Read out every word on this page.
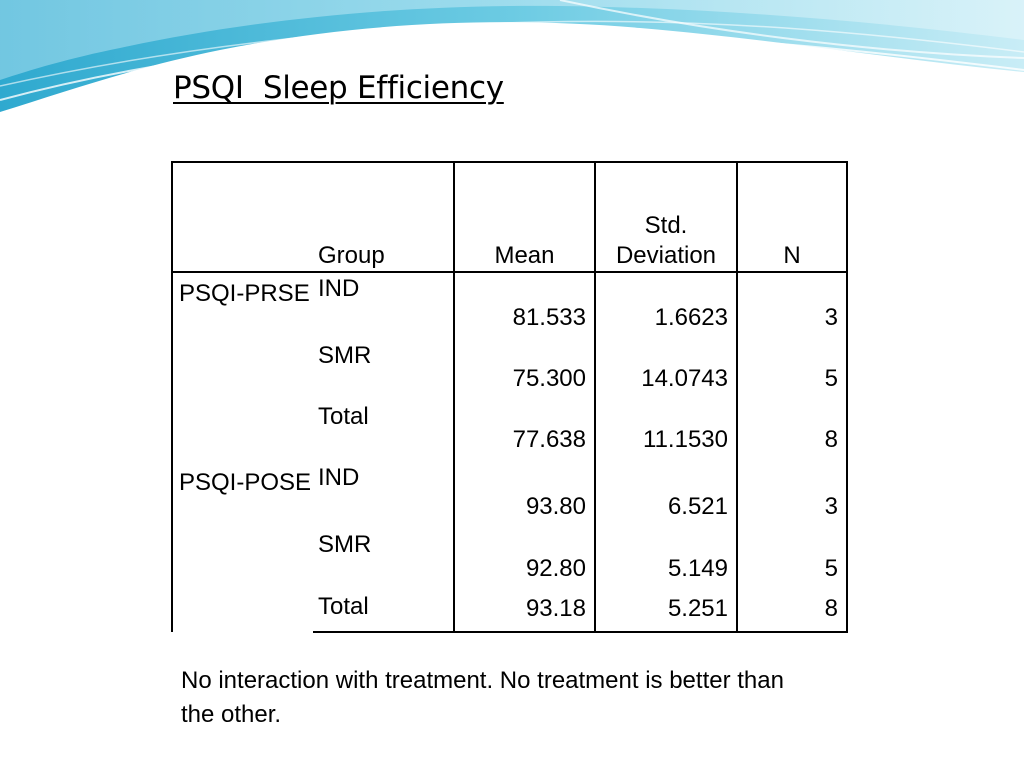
PSQI  Sleep Efficiency
	Group	Mean	Std. Deviation	N
PSQI-PRSE	IND	81.533	1.6623	3
	SMR	75.300	14.0743	5
	Total	77.638	11.1530	8
PSQI-POSE	IND	93.80	6.521	3
	SMR	92.80	5.149	5
	Total	93.18	5.251	8
No interaction with treatment. No treatment is better than the other.
